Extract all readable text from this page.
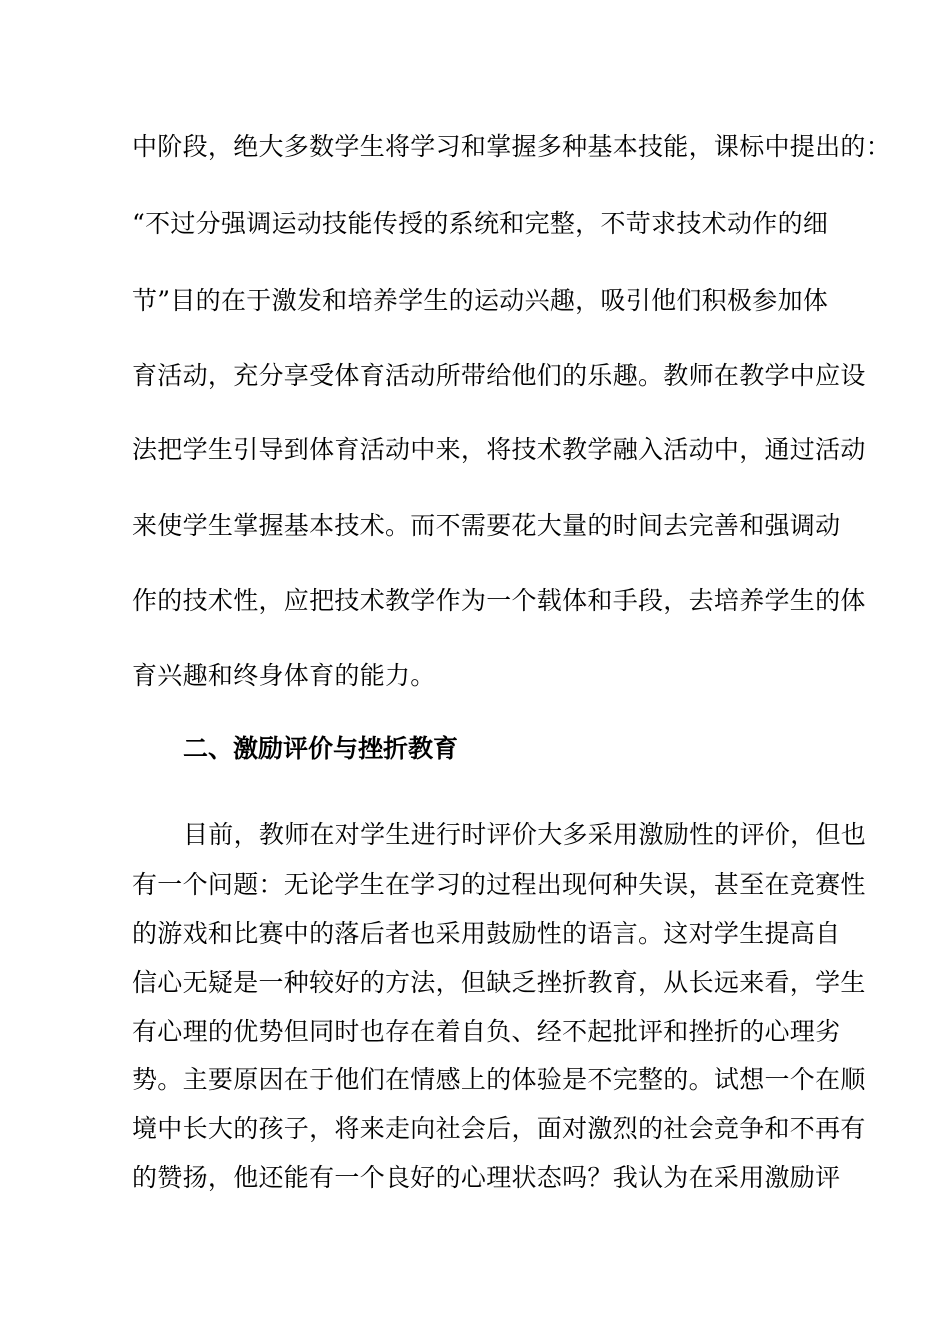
中阶段，绝大多数学生将学习和掌握多种基本技能，课标中提出的：
“不过分强调运动技能传授的系统和完整，不苛求技术动作的细
节”目的在于激发和培养学生的运动兴趣，吸引他们积极参加体
育活动，充分享受体育活动所带给他们的乐趣。教师在教学中应设
法把学生引导到体育活动中来，将技术教学融入活动中，通过活动
来使学生掌握基本技术。而不需要花大量的时间去完善和强调动
作的技术性，应把技术教学作为一个载体和手段，去培养学生的体
育兴趣和终身体育的能力。
二、激励评价与挫折教育
目前，教师在对学生进行时评价大多采用激励性的评价，但也
有一个问题：无论学生在学习的过程出现何种失误，甚至在竞赛性
的游戏和比赛中的落后者也采用鼓励性的语言。这对学生提高自
信心无疑是一种较好的方法，但缺乏挫折教育，从长远来看，学生
有心理的优势但同时也存在着自负、经不起批评和挫折的心理劣
势。主要原因在于他们在情感上的体验是不完整的。试想一个在顺
境中长大的孩子，将来走向社会后，面对激烈的社会竞争和不再有
的赞扬，他还能有一个良好的心理状态吗？我认为在采用激励评
